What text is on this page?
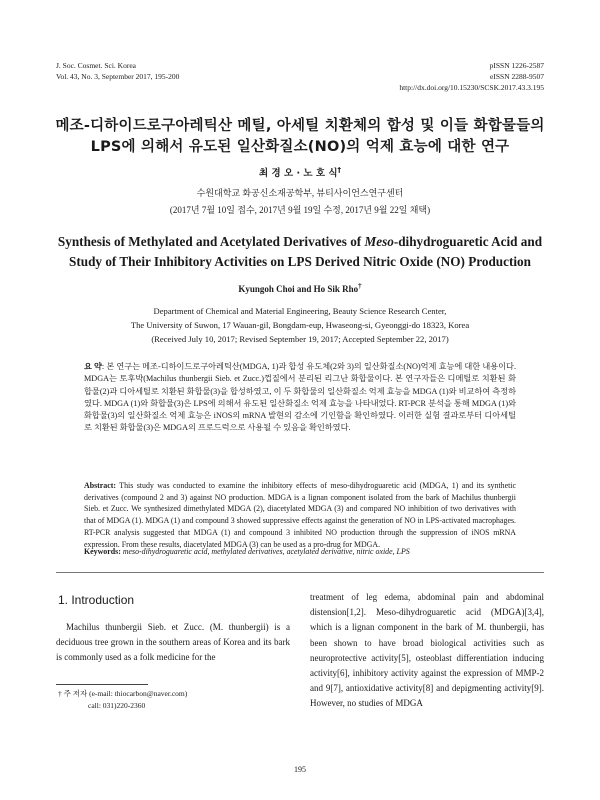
J. Soc. Cosmet. Sci. Korea
Vol. 43, No. 3, September 2017, 195-200
pISSN 1226-2587
eISSN 2288-9507
http://dx.doi.org/10.15230/SCSK.2017.43.3.195
메조-디하이드로구아레틱산 메틸, 아세틸 치환체의 합성 및 이들 화합물들의
LPS에 의해서 유도된 일산화질소(NO)의 억제 효능에 대한 연구
최 경 오 · 노 호 식†
수원대학교 화공신소재공학부, 뷰티사이언스연구센터
(2017년 7월 10일 접수, 2017년 9월 19일 수정, 2017년 9월 22일 채택)
Synthesis of Methylated and Acetylated Derivatives of Meso-dihydroguaretic Acid and Study of Their Inhibitory Activities on LPS Derived Nitric Oxide (NO) Production
Kyungoh Choi and Ho Sik Rho†
Department of Chemical and Material Engineering, Beauty Science Research Center,
The University of Suwon, 17 Wauan-gil, Bongdam-eup, Hwaseong-si, Gyeonggi-do 18323, Korea
(Received July 10, 2017; Revised September 19, 2017; Accepted September 22, 2017)
요 약: 본 연구는 메조-디하이드로구아레틱산(MDGA, 1)과 합성 유도체(2와 3)의 일산화질소(NO)억제 효능에 대한 내용이다. MDGA는 토후박(Machilus thunbergii Sieb. et Zucc.)껍질에서 분리된 리그난 화합물이다. 본 연구자들은 디메틸로 치환된 화합물(2)과 디아세틸로 치환된 화합물(3)을 합성하였고, 이 두 화합물의 일산화질소 억제 효능을 MDGA (1)와 비교하여 측정하였다. MDGA (1)와 화합물(3)은 LPS에 의해서 유도된 일산화질소 억제 효능을 나타내었다. RT-PCR 분석을 통해 MDGA (1)와 화합물(3)의 일산화질소 억제 효능은 iNOS의 mRNA 발현의 감소에 기인함을 확인하였다. 이러한 실험 결과로부터 디아세틸로 치환된 화합물(3)은 MDGA의 프로드럭으로 사용될 수 있음을 확인하였다.
Abstract: This study was conducted to examine the inhibitory effects of meso-dihydroguaretic acid (MDGA, 1) and its synthetic derivatives (compound 2 and 3) against NO production. MDGA is a lignan component isolated from the bark of Machilus thunbergii Sieb. et Zucc. We synthesized dimethylated MDGA (2), diacetylated MDGA (3) and compared NO inhibition of two derivatives with that of MDGA (1). MDGA (1) and compound 3 showed suppressive effects against the generation of NO in LPS-activated macrophages. RT-PCR analysis suggested that MDGA (1) and compound 3 inhibited NO production through the suppression of iNOS mRNA expression. From these results, diacetylated MDGA (3) can be used as a pro-drug for MDGA.
Keywords: meso-dihydroguaretic acid, methylated derivatives, acetylated derivative, nitric oxide, LPS
1. Introduction
Machilus thunbergii Sieb. et Zucc. (M. thunbergii) is a deciduous tree grown in the southern areas of Korea and its bark is commonly used as a folk medicine for the
treatment of leg edema, abdominal pain and abdominal distension[1,2]. Meso-dihydroguaretic acid (MDGA)[3,4], which is a lignan component in the bark of M. thunbergii, has been shown to have broad biological activities such as neuroprotective activity[5], osteoblast differentiation inducing activity[6], inhibitory activity against the expression of MMP-2 and 9[7], antioxidative activity[8] and depigmenting activity[9]. However, no studies of MDGA
† 주 저자 (e-mail: thiocarbon@naver.com)
call: 031)220-2360
195
